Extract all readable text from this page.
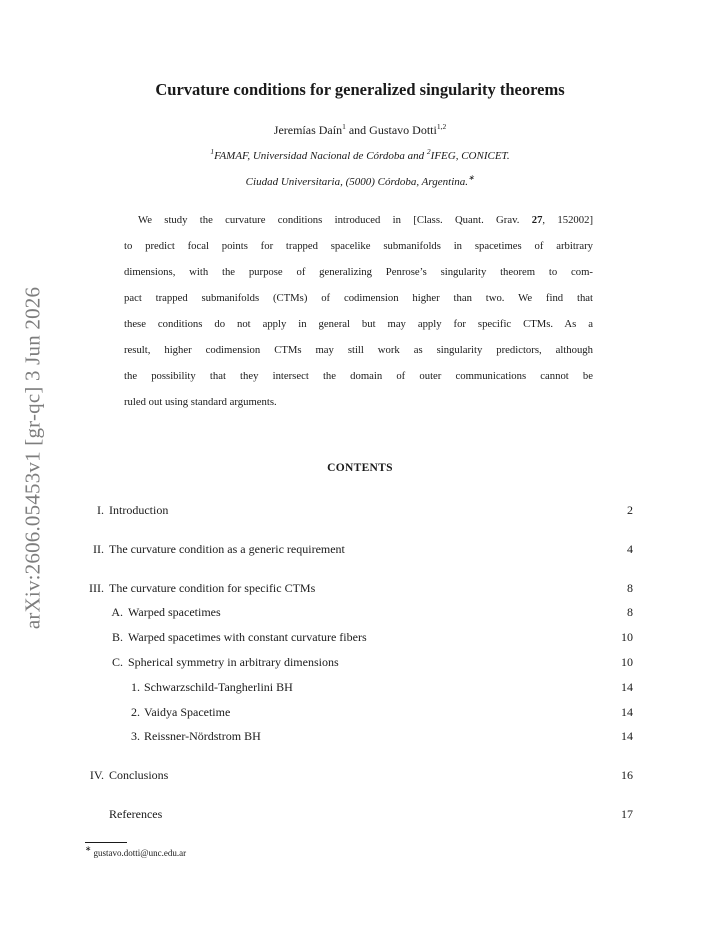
arXiv:2606.05453v1 [gr-qc] 3 Jun 2026
Curvature conditions for generalized singularity theorems
Jeremías Daín$^1$ and Gustavo Dotti$^{1,2}$
$^1$FAMAF, Universidad Nacional de Córdoba and $^2$IFEG, CONICET.
Ciudad Universitaria, (5000) Córdoba, Argentina.∗
We study the curvature conditions introduced in [Class. Quant. Grav. 27, 152002]
to predict focal points for trapped spacelike submanifolds in spacetimes of arbitrary
dimensions, with the purpose of generalizing Penrose’s singularity theorem to com-
pact trapped submanifolds (CTMs) of codimension higher than two. We find that
these conditions do not apply in general but may apply for specific CTMs. As a
result, higher codimension CTMs may still work as singularity predictors, although
the possibility that they intersect the domain of outer communications cannot be
ruled out using standard arguments.
CONTENTS
I. Introduction	2
II. The curvature condition as a generic requirement	4
III. The curvature condition for specific CTMs	8
A. Warped spacetimes	8
B. Warped spacetimes with constant curvature fibers	10
C. Spherical symmetry in arbitrary dimensions	10
1. Schwarzschild-Tangherlini BH	14
2. Vaidya Spacetime	14
3. Reissner-Nördstrom BH	14
IV. Conclusions	16
References	17
∗ gustavo.dotti@unc.edu.ar
